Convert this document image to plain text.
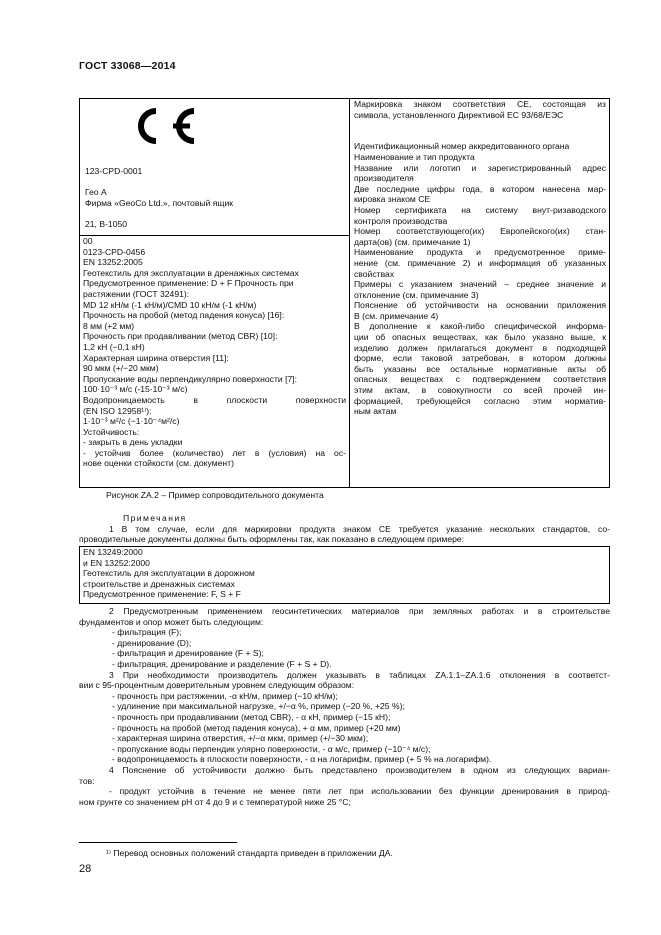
ГОСТ 33068—2014
123-CPD-0001

Гео А
Фирма «GeoCo Ltd.», почтовый ящик

21, B-1050
00
0123-CPD-0456
EN 13252:2005
Геотекстиль для эксплуатации в дренажных системах
Предусмотренное применение: D + F Прочность при
растяжении (ГОСТ 32491):
MD 12 кН/м (-1 кН/м)/CMD 10 кН/м (-1 кН/м)
Прочность на пробой (метод падения конуса) [16]:
8 мм (+2 мм)
Прочность при продавливании (метод CBR) [10]:
1,2 кН (−0,1 кН)
Характерная ширина отверстия [11]:
90 мкм (+/−20 мкм)
Пропускание воды перпендикулярно поверхности [7]:
100·10⁻³ м/с (-15·10⁻³ м/с)
Водопроницаемость в плоскости поверхности
(EN ISO 12958¹⁾):
1·10⁻³ м²/с (−1·10⁻⁴м²/с)
Устойчивость:
- закрыть в день укладки
- устойчив более (количество) лет в (условия) на ос-
нове оценки стойкости (см. документ)
Маркировка знаком соответствия СЕ, состоящая из
символа, установленного Директивой ЕС 93/68/ЕЭС

Идентификационный номер аккредитованного органа
Наименование и тип продукта
Название или логотип и зарегистрированный адрес
производителя
Две последние цифры года, в котором нанесена мар-
кировка знаком СЕ
Номер сертификата на систему внут-ризаводского
контроля производства
Номер соответствующего(их) Европейского(их) стан-
дарта(ов) (см. примечание 1)
Наименование продукта и предусмотренное приме-
нение (см. примечание 2) и информация об указанных
свойствах
Примеры с указанием значений – среднее значение и
отклонение (см. примечание 3)
Пояснение об устойчивости на основании приложения
В (см. примечание 4)
В дополнение к какой-либо специфической информа-
ции об опасных веществах, как было указано выше, к
изделию должен прилагаться документ в подходящей
форме, если таковой затребован, в котором должны
быть указаны все остальные нормативные акты об
опасных веществах с подтверждением соответствия
этим актам, в совокупности со всей прочей ин-
формацией, требующейся согласно этим норматив-
ным актам
Рисунок ZA.2 – Пример сопроводительного документа
Примечания
1 В том случае, если для маркировки продукта знаком СЕ требуется указание нескольких стандартов, со-
проводительные документы должны быть оформлены так, как показано в следующем примере:
EN 13249:2000
и EN 13252:2000
Геотекстиль для эксплуатации в дорожном
строительстве и дренажных системах
Предусмотренное применение: F, S + F
2 Предусмотренным применением геосинтетических материалов при земляных работах и в строительстве
фундаментов и опор может быть следующим:
- фильтрация (F);
- дренирование (D);
- фильтрация и дренирование (F + S);
- фильтрация, дренирование и разделение (F + S + D).
3 При необходимости производитель должен указывать в таблицах ZA.1.1–ZA.1.6 отклонения в соответст-
вии с 95-процентным доверительным уровнем следующим образом:
- прочность при растяжении, -α кН/м, пример (−10 кН/м);
- удлинение при максимальной нагрузке, +/−α %, пример (−20 %, +25 %);
- прочность при продавливании (метод CBR), - α кН, пример (−15 кН);
- прочность на пробой (метод падения конуса), + α мм, пример (+20 мм)
- характерная ширина отверстия, +/−α мкм, пример (+/−30 мкм);
- пропускание воды перпендик улярно поверхности, - α м/с, пример (−10⁻⁴ м/с);
- водопроницаемость в плоскости поверхности, - α на логарифм, пример (+ 5 % на логарифм).
4 Пояснение об устойчивости должно быть представлено производителем в одном из следующих вариан-
тов:
- продукт устойчив в течение не менее пяти лет при использовании без функции дренирования в природ-
ном грунте со значением pH от 4 до 9 и с температурой ниже 25 °C;
¹⁾ Перевод основных положений стандарта приведен в приложении ДА.
28
